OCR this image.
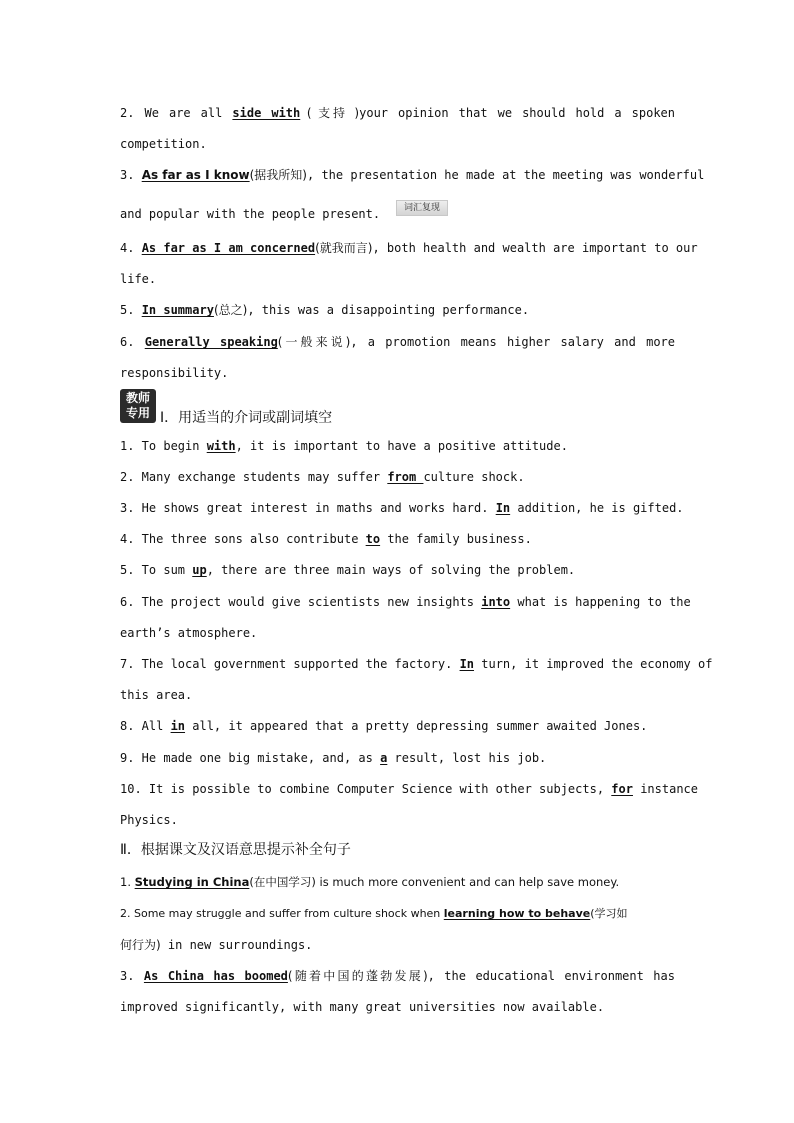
2. We are all side with ( 支持 )your opinion that we should hold a spoken
competition.
3. As far as I know(据我所知), the presentation he made at the meeting was wonderful
and popular with the people present.	词汇复现
4. As far as I am concerned(就我而言), both health and wealth are important to our
life.
5. In summary(总之), this was a disappointing performance.
6. Generally speaking(一般来说), a promotion means higher salary and more
responsibility.
教师
专用 Ⅰ．用适当的介词或副词填空
1. To begin with, it is important to have a positive attitude.
2. Many exchange students may suffer from culture shock.
3. He shows great interest in maths and works hard. In addition, he is gifted.
4. The three sons also contribute to the family business.
5. To sum up, there are three main ways of solving the problem.
6. The project would give scientists new insights into what is happening to the
earth’s atmosphere.
7. The local government supported the factory. In turn, it improved the economy of
this area.
8. All in all, it appeared that a pretty depressing summer awaited Jones.
9. He made one big mistake, and, as a result, lost his job.
10. It is possible to combine Computer Science with other subjects, for instance
Physics.
Ⅱ．根据课文及汉语意思提示补全句子
1. Studying in China(在中国学习) is much more convenient and can help save money.
2. Some may struggle and suffer from culture shock when learning how to behave(学习如
何行为) in new surroundings.
3. As China has boomed(随着中国的蓬勃发展), the educational environment has
improved significantly, with many great universities now available.
